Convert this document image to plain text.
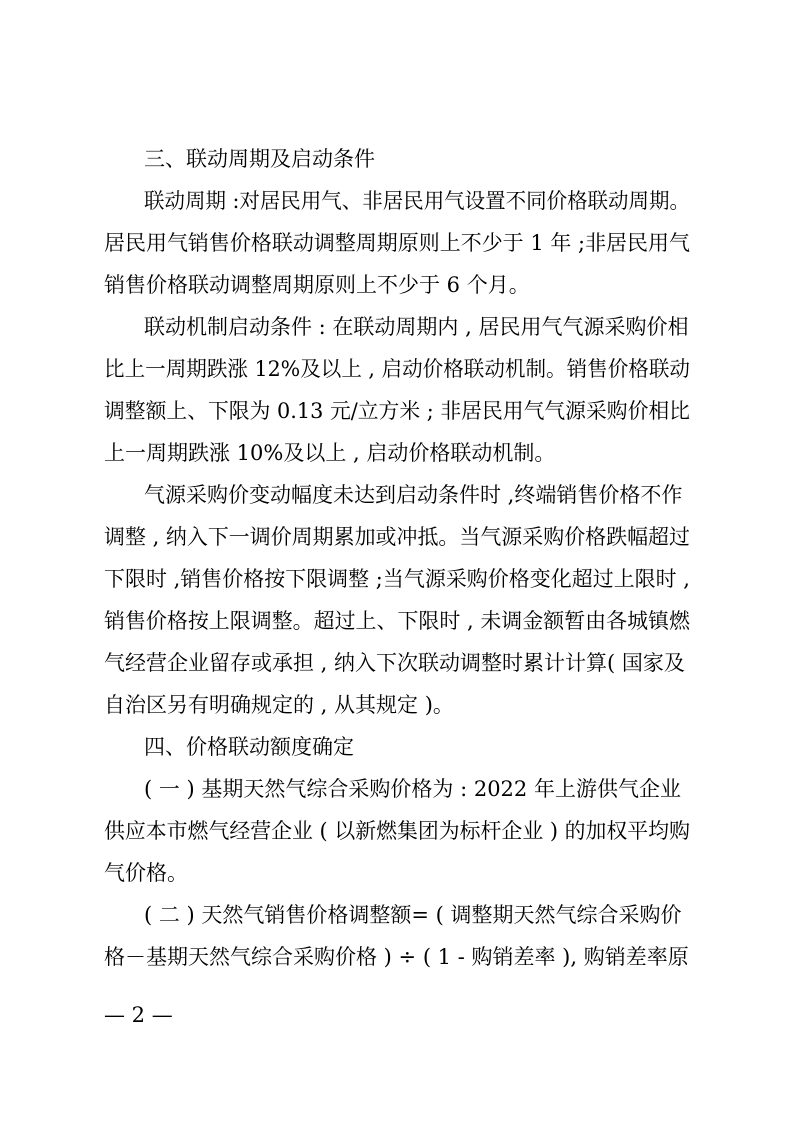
三、联动周期及启动条件
联动周期 :对居民用气、非居民用气设置不同价格联动周期。
居民用气销售价格联动调整周期原则上不少于 1 年 ;非居民用气
销售价格联动调整周期原则上不少于 6 个月。
联动机制启动条件 : 在联动周期内 , 居民用气气源采购价相
比上一周期跌涨 12%及以上 , 启动价格联动机制。销售价格联动
调整额上、下限为 0.13 元/立方米 ; 非居民用气气源采购价相比
上一周期跌涨 10%及以上 , 启动价格联动机制。
气源采购价变动幅度未达到启动条件时 ,终端销售价格不作
调整 , 纳入下一调价周期累加或冲抵。当气源采购价格跌幅超过
下限时 ,销售价格按下限调整 ;当气源采购价格变化超过上限时 ,
销售价格按上限调整。超过上、下限时 , 未调金额暂由各城镇燃
气经营企业留存或承担 , 纳入下次联动调整时累计计算( 国家及
自治区另有明确规定的 , 从其规定 )。
四、价格联动额度确定
( 一 ) 基期天然气综合采购价格为 : 2022 年上游供气企业
供应本市燃气经营企业 ( 以新燃集团为标杆企业 ) 的加权平均购
气价格。
( 二 ) 天然气销售价格调整额= ( 调整期天然气综合采购价
格－基期天然气综合采购价格 ) ÷ ( 1 - 购销差率 ), 购销差率原
— 2 —
